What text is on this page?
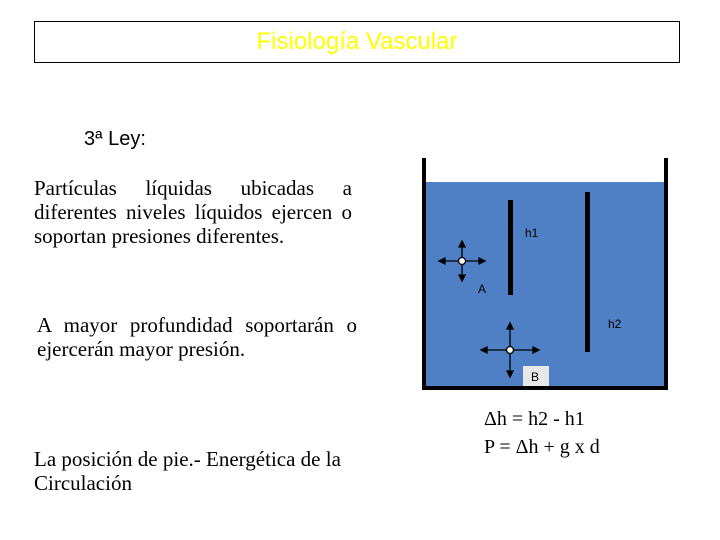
Fisiología Vascular
3ª Ley:
Partículas líquidas ubicadas a diferentes niveles líquidos ejercen o soportan presiones diferentes.
A mayor profundidad soportarán o ejercerán mayor presión.
La posición de pie.- Energética de la Circulación
h1
h2
A
B
Δh = h2 - h1
P = Δh + g x d
